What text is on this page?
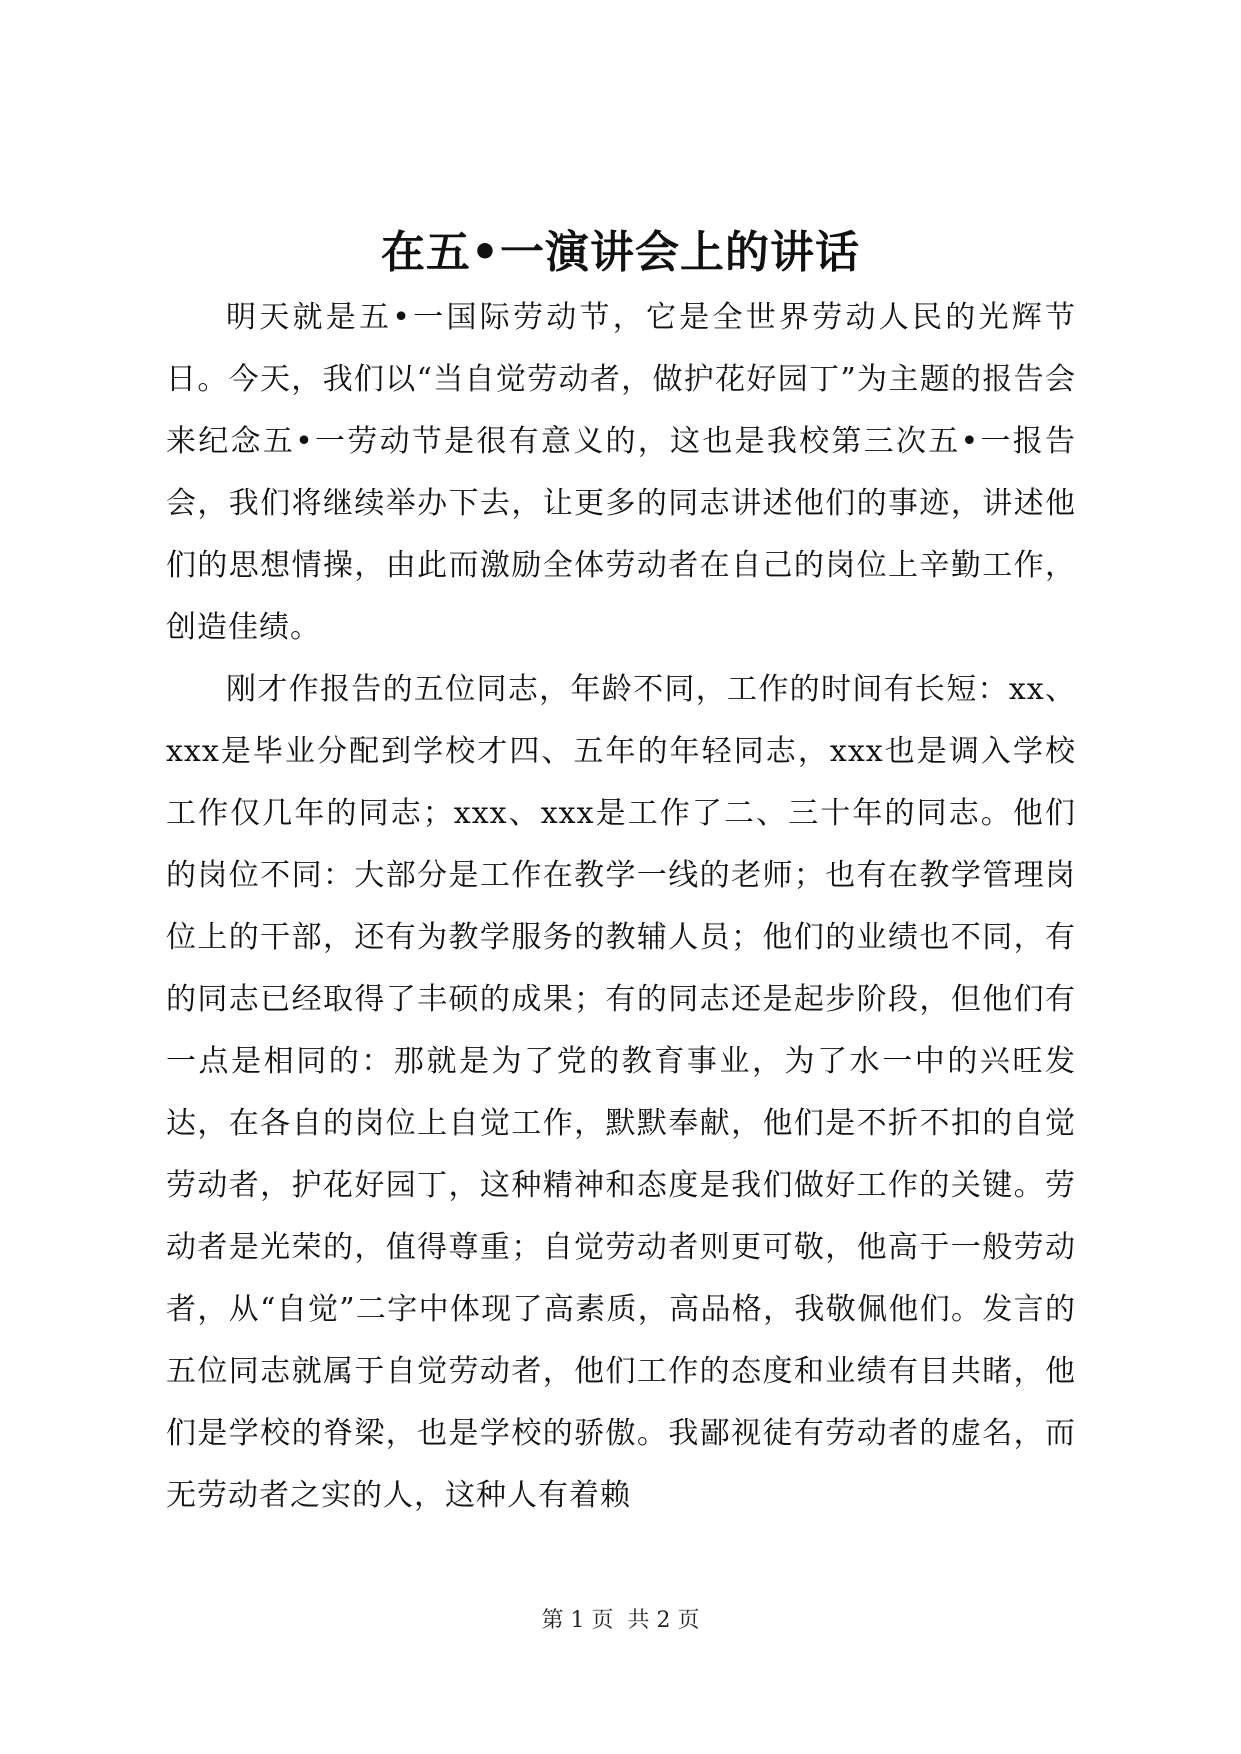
在五•一演讲会上的讲话

明天就是五•一国际劳动节，它是全世界劳动人民的光辉节日。今天，我们以“当自觉劳动者，做护花好园丁”为主题的报告会来纪念五•一劳动节是很有意义的，这也是我校第三次五•一报告会，我们将继续举办下去，让更多的同志讲述他们的事迹，讲述他们的思想情操，由此而激励全体劳动者在自己的岗位上辛勤工作，创造佳绩。

刚才作报告的五位同志，年龄不同，工作的时间有长短：xx、xxx是毕业分配到学校才四、五年的年轻同志，xxx也是调入学校工作仅几年的同志；xxx、xxx是工作了二、三十年的同志。他们的岗位不同：大部分是工作在教学一线的老师；也有在教学管理岗位上的干部，还有为教学服务的教辅人员；他们的业绩也不同，有的同志已经取得了丰硕的成果；有的同志还是起步阶段，但他们有一点是相同的：那就是为了党的教育事业，为了水一中的兴旺发达，在各自的岗位上自觉工作，默默奉献，他们是不折不扣的自觉劳动者，护花好园丁，这种精神和态度是我们做好工作的关键。劳动者是光荣的，值得尊重；自觉劳动者则更可敬，他高于一般劳动者，从“自觉”二字中体现了高素质，高品格，我敬佩他们。发言的五位同志就属于自觉劳动者，他们工作的态度和业绩有目共睹，他们是学校的脊梁，也是学校的骄傲。我鄙视徒有劳动者的虚名，而无劳动者之实的人，这种人有着赖

第 1 页  共 2 页
